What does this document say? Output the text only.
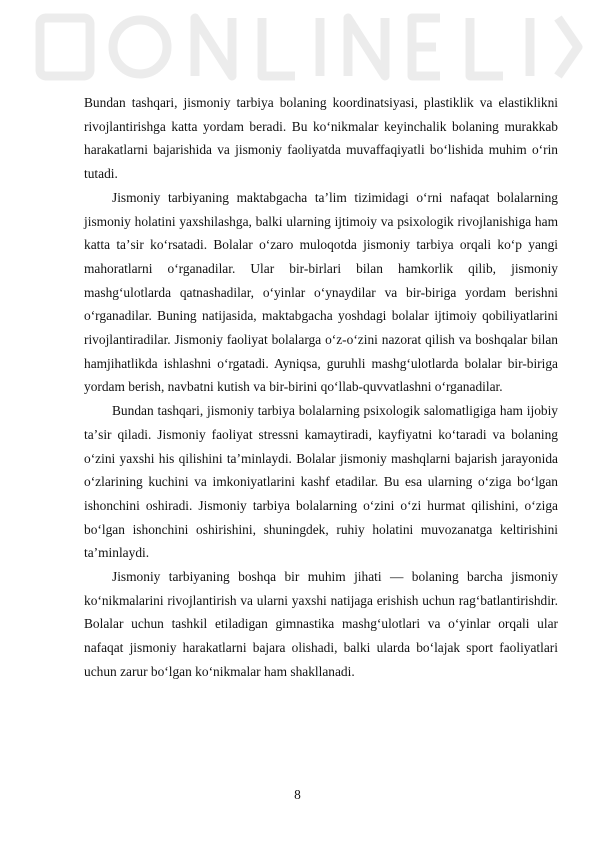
Bundan tashqari, jismoniy tarbiya bolaning koordinatsiyasi, plastiklik va elastiklikni rivojlantirishga katta yordam beradi. Bu ko‘nikmalar keyinchalik bolaning murakkab harakatlarni bajarishida va jismoniy faoliyatda muvaffaqiyatli bo‘lishida muhim o‘rin tutadi.

Jismoniy tarbiyaning maktabgacha taʼlim tizimidagi o‘rni nafaqat bolalarning jismoniy holatini yaxshilashga, balki ularning ijtimoiy va psixologik rivojlanishiga ham katta taʼsir ko‘rsatadi. Bolalar o‘zaro muloqotda jismoniy tarbiya orqali ko‘p yangi mahoratlarni o‘rganadilar. Ular bir-birlari bilan hamkorlik qilib, jismoniy mashg‘ulotlarda qatnashadilar, o‘yinlar o‘ynaydilar va bir-biriga yordam berishni o‘rganadilar. Buning natijasida, maktabgacha yoshdagi bolalar ijtimoiy qobiliyatlarini rivojlantiradilar. Jismoniy faoliyat bolalarga o‘z-o‘zini nazorat qilish va boshqalar bilan hamjihatlikda ishlashni o‘rgatadi. Ayniqsa, guruhli mashg‘ulotlarda bolalar bir-biriga yordam berish, navbatni kutish va bir-birini qo‘llab-quvvatlashni o‘rganadilar.

Bundan tashqari, jismoniy tarbiya bolalarning psixologik salomatligiga ham ijobiy taʼsir qiladi. Jismoniy faoliyat stressni kamaytiradi, kayfiyatni ko‘taradi va bolaning o‘zini yaxshi his qilishini taʼminlaydi. Bolalar jismoniy mashqlarni bajarish jarayonida o‘zlarining kuchini va imkoniyatlarini kashf etadilar. Bu esa ularning o‘ziga bo‘lgan ishonchini oshiradi. Jismoniy tarbiya bolalarning o‘zini o‘zi hurmat qilishini, o‘ziga bo‘lgan ishonchini oshirishini, shuningdek, ruhiy holatini muvozanatga keltirishini taʼminlaydi.

Jismoniy tarbiyaning boshqa bir muhim jihati — bolaning barcha jismoniy ko‘nikmalarini rivojlantirish va ularni yaxshi natijaga erishish uchun rag‘batlantirishdir. Bolalar uchun tashkil etiladigan gimnastika mashg‘ulotlari va o‘yinlar orqali ular nafaqat jismoniy harakatlarni bajara olishadi, balki ularda bo‘lajak sport faoliyatlari uchun zarur bo‘lgan ko‘nikmalar ham shakllanadi.

8
